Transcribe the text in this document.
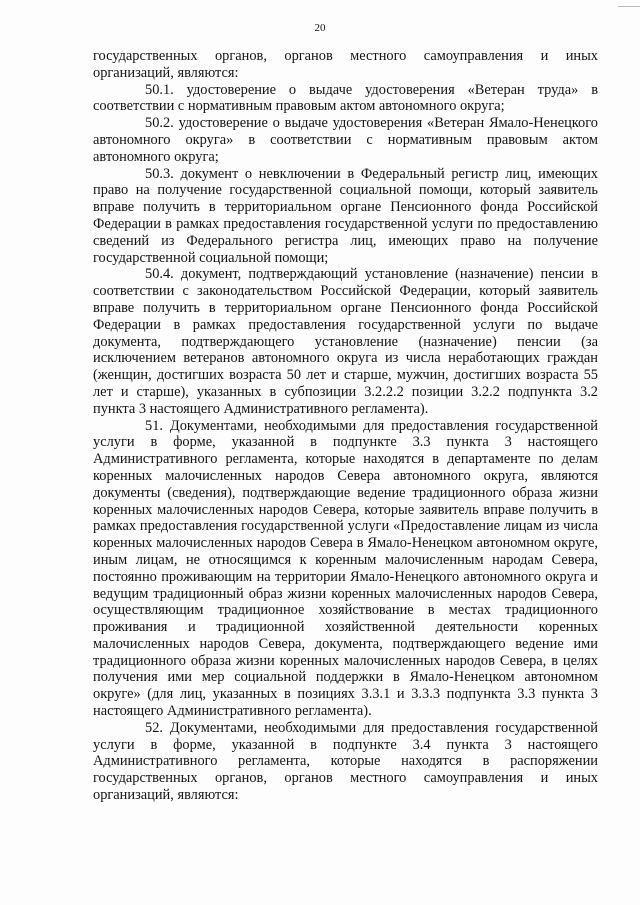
20

государственных органов, органов местного самоуправления и иных организаций, являются:

50.1. удостоверение о выдаче удостоверения «Ветеран труда» в соответствии с нормативным правовым актом автономного округа;

50.2. удостоверение о выдаче удостоверения «Ветеран Ямало-Ненецкого автономного округа» в соответствии с нормативным правовым актом автономного округа;

50.3. документ о невключении в Федеральный регистр лиц, имеющих право на получение государственной социальной помощи, который заявитель вправе получить в территориальном органе Пенсионного фонда Российской Федерации в рамках предоставления государственной услуги по предоставлению сведений из Федерального регистра лиц, имеющих право на получение государственной социальной помощи;

50.4. документ, подтверждающий установление (назначение) пенсии в соответствии с законодательством Российской Федерации, который заявитель вправе получить в территориальном органе Пенсионного фонда Российской Федерации в рамках предоставления государственной услуги по выдаче документа, подтверждающего установление (назначение) пенсии (за исключением ветеранов автономного округа из числа неработающих граждан (женщин, достигших возраста 50 лет и старше, мужчин, достигших возраста 55 лет и старше), указанных в субпозиции 3.2.2.2 позиции 3.2.2 подпункта 3.2 пункта 3 настоящего Административного регламента).

51. Документами, необходимыми для предоставления государственной услуги в форме, указанной в подпункте 3.3 пункта 3 настоящего Административного регламента, которые находятся в департаменте по делам коренных малочисленных народов Севера автономного округа, являются документы (сведения), подтверждающие ведение традиционного образа жизни коренных малочисленных народов Севера, которые заявитель вправе получить в рамках предоставления государственной услуги «Предоставление лицам из числа коренных малочисленных народов Севера в Ямало-Ненецком автономном округе, иным лицам, не относящимся к коренным малочисленным народам Севера, постоянно проживающим на территории Ямало-Ненецкого автономного округа и ведущим традиционный образ жизни коренных малочисленных народов Севера, осуществляющим традиционное хозяйствование в местах традиционного проживания и традиционной хозяйственной деятельности коренных малочисленных народов Севера, документа, подтверждающего ведение ими традиционного образа жизни коренных малочисленных народов Севера, в целях получения ими мер социальной поддержки в Ямало-Ненецком автономном округе» (для лиц, указанных в позициях 3.3.1 и 3.3.3 подпункта 3.3 пункта 3 настоящего Административного регламента).

52. Документами, необходимыми для предоставления государственной услуги в форме, указанной в подпункте 3.4 пункта 3 настоящего Административного регламента, которые находятся в распоряжении государственных органов, органов местного самоуправления и иных организаций, являются:
